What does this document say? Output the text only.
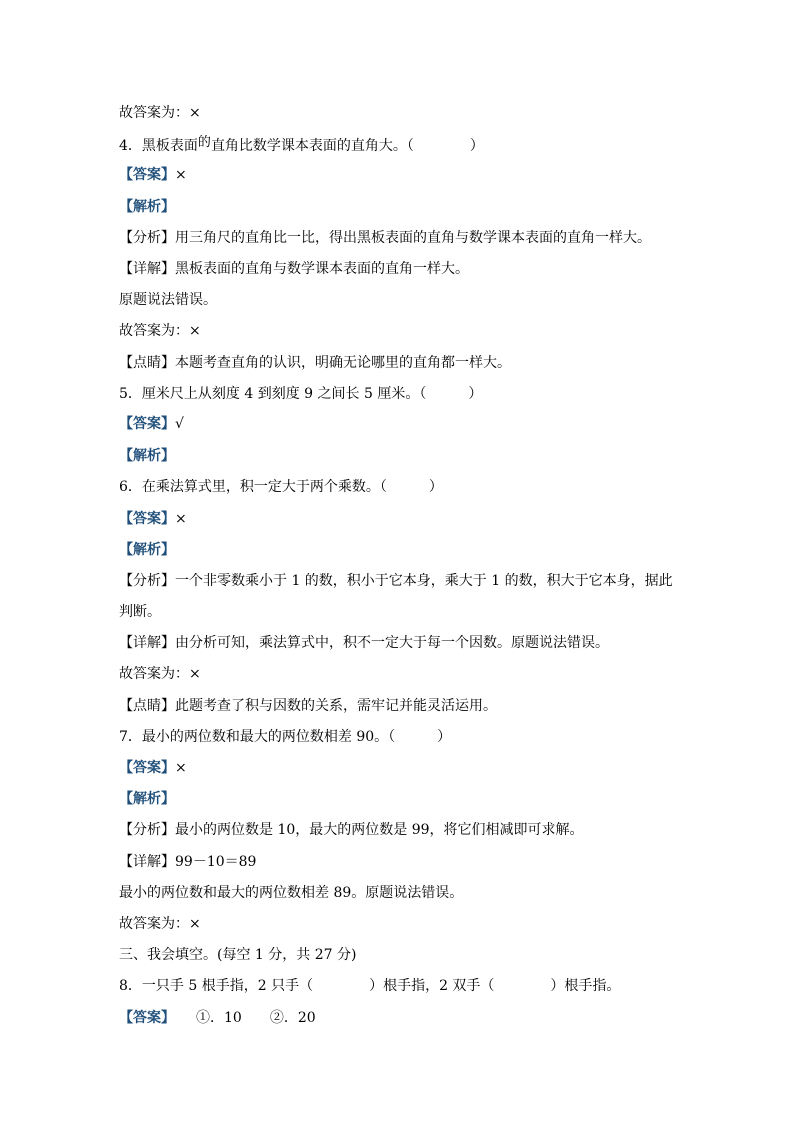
故答案为：×
4．黑板表面的直角比数学课本表面的直角大。（　　　　）
【答案】×
【解析】
【分析】用三角尺的直角比一比，得出黑板表面的直角与数学课本表面的直角一样大。
【详解】黑板表面的直角与数学课本表面的直角一样大。
原题说法错误。
故答案为：×
【点睛】本题考查直角的认识，明确无论哪里的直角都一样大。
5．厘米尺上从刻度 4 到刻度 9 之间长 5 厘米。（　　　）
【答案】√
【解析】
6．在乘法算式里，积一定大于两个乘数。（　　　）
【答案】×
【解析】
【分析】一个非零数乘小于 1 的数，积小于它本身，乘大于 1 的数，积大于它本身，据此
判断。
【详解】由分析可知，乘法算式中，积不一定大于每一个因数。原题说法错误。
故答案为：×
【点睛】此题考查了积与因数的关系，需牢记并能灵活运用。
7．最小的两位数和最大的两位数相差 90。（　　　）
【答案】×
【解析】
【分析】最小的两位数是 10，最大的两位数是 99，将它们相减即可求解。
【详解】99－10＝89
最小的两位数和最大的两位数相差 89。原题说法错误。
故答案为：×
三、我会填空。(每空 1 分，共 27 分)
8．一只手 5 根手指，2 只手（　　　　）根手指，2 双手（　　　　）根手指。
【答案】　　①．10　　②．20
